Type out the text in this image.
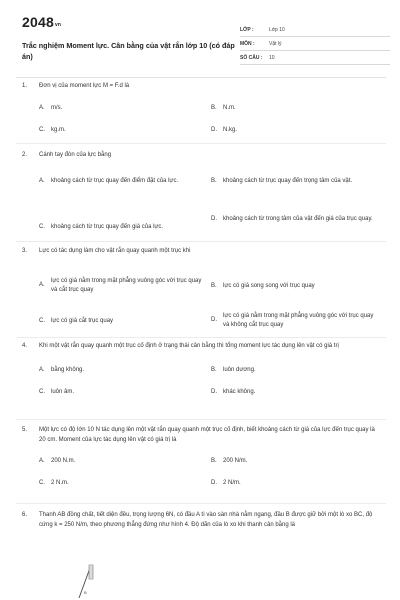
$2048_{vn}$
Trắc nghiệm Moment lực. Cân bằng của vật rắn lớp 10 (có đáp án)
LỚP :	Lớp 10
MÔN :	Vật lý
SỐ CÂU :	10
1.	Đơn vị của moment lực M = F.d là
A.	m/s.	B.	N.m.
C.	kg.m.	D.	N.kg.
2.	Cánh tay đòn của lực bằng
A.	khoảng cách từ trục quay đến điểm đặt của lực.	B.	khoảng cách từ trục quay đến trọng tâm của vật.
C.	khoảng cách từ trục quay đến giá của lực.
D.	khoảng cách từ trong tâm của vật đến giá của trục quay.
3.	Lực có tác dụng làm cho vật rắn quay quanh một trục khi
A.
lực có giá nằm trong mặt phẳng vuông góc với trục quay và cắt trục quay
B.	lực có giá song song với trục quay
C.	lực có giá cắt trục quay	D.
lực có giá nằm trong mặt phẳng vuông góc với trục quay và không cắt trục quay
4.	Khi một vật rắn quay quanh một trục cố định ở trạng thái cân bằng thì tổng moment lực tác dụng lên vật có giá trị
A.	bằng không.	B.	luôn dương.
C.	luôn âm.	D.	khác không.
5.	Một lực có độ lớn 10 N tác dụng lên một vật rắn quay quanh một trục cố định, biết khoảng cách từ giá của lực đến trục quay là 20 cm. Moment của lực tác dụng lên vật có giá trị là
A.	200 N.m.	B.	200 N/m.
C.	2 N.m.	D.	2 N/m.
6.	Thanh AB đồng chất, tiết diện đều, trọng lượng 6N, có đầu A tì vào sàn nhà nằm ngang, đầu B được giữ bởi một lò xo BC, độ cứng k = 250 N/m, theo phương thẳng đứng như hình 4. Độ dãn của lò xo khi thanh cân bằng là
B
